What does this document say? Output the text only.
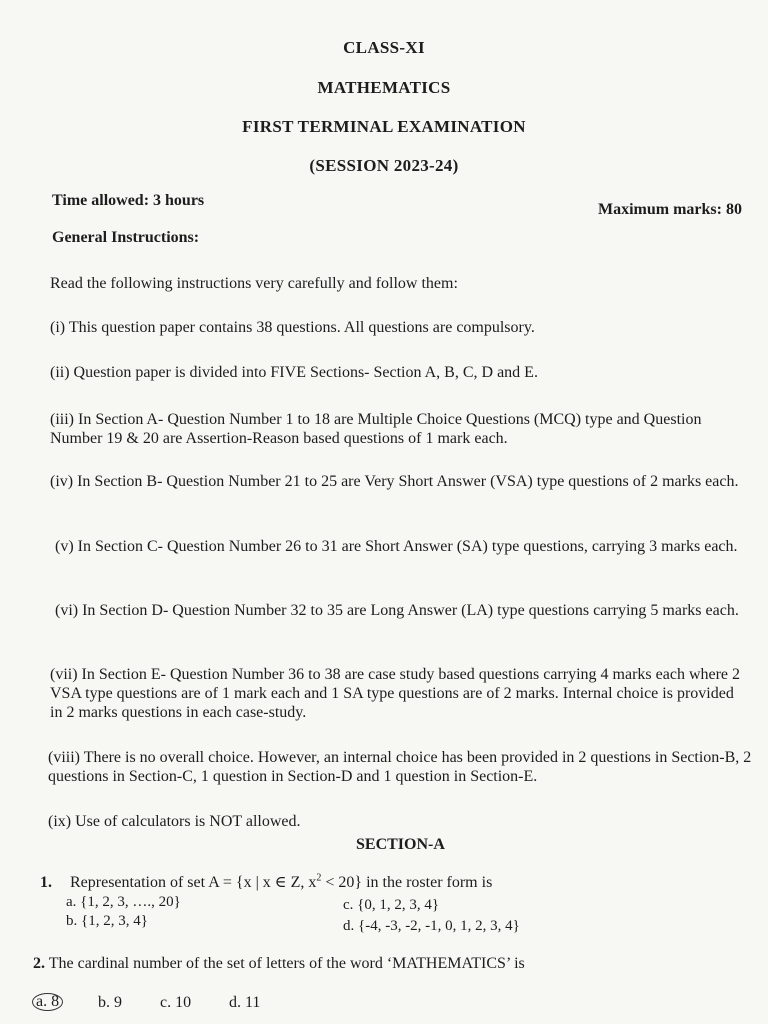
CLASS-XI
MATHEMATICS
FIRST TERMINAL EXAMINATION
(SESSION 2023-24)
Time allowed: 3 hours
Maximum marks: 80
General Instructions:
Read the following instructions very carefully and follow them:
(i) This question paper contains 38 questions. All questions are compulsory.
(ii) Question paper is divided into FIVE Sections- Section A, B, C, D and E.
(iii) In Section A- Question Number 1 to 18 are Multiple Choice Questions (MCQ) type and Question Number 19 & 20 are Assertion-Reason based questions of 1 mark each.
(iv) In Section B- Question Number 21 to 25 are Very Short Answer (VSA) type questions of 2 marks each.
(v) In Section C- Question Number 26 to 31 are Short Answer (SA) type questions, carrying 3 marks each.
(vi) In Section D- Question Number 32 to 35 are Long Answer (LA) type questions carrying 5 marks each.
(vii) In Section E- Question Number 36 to 38 are case study based questions carrying 4 marks each where 2 VSA type questions are of 1 mark each and 1 SA type questions are of 2 marks. Internal choice is provided in 2 marks questions in each case-study.
(viii) There is no overall choice. However, an internal choice has been provided in 2 questions in Section-B, 2 questions in Section-C, 1 question in Section-D and 1 question in Section-E.
(ix) Use of calculators is NOT allowed.
SECTION-A
1. Representation of set A = {x | x ∈ Z, $x^2 < 20$} in the roster form is
a. {1, 2, 3, …., 20}
b. {1, 2, 3, 4}
c. {0, 1, 2, 3, 4}
d. {-4, -3, -2, -1, 0, 1, 2, 3, 4}
2. The cardinal number of the set of letters of the word ‘MATHEMATICS’ is
a. 8 b. 9 c. 10 d. 11
